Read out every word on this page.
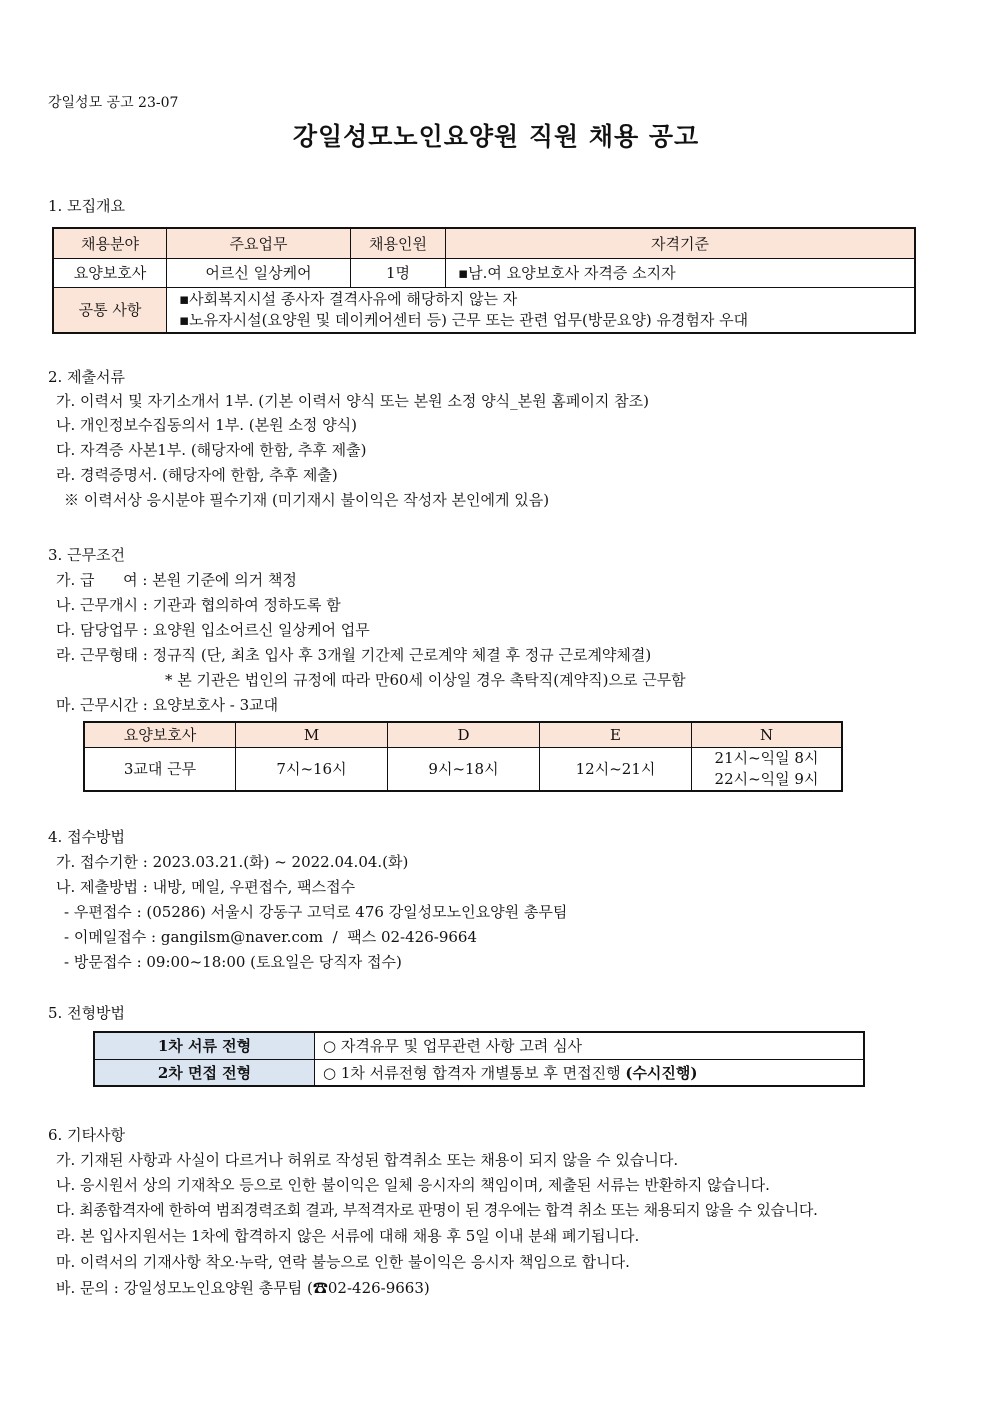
강일성모 공고 23-07
강일성모노인요양원 직원 채용 공고
1. 모집개요
채용분야	주요업무	채용인원	자격기준
요양보호사	어르신 일상케어	1명	▪남.여 요양보호사 자격증 소지자
공통 사항	▪사회복지시설 종사자 결격사유에 해당하지 않는 자
▪노유자시설(요양원 및 데이케어센터 등) 근무 또는 관련 업무(방문요양) 유경험자 우대		
2. 제출서류
가. 이력서 및 자기소개서 1부. (기본 이력서 양식 또는 본원 소정 양식_본원 홈페이지 참조)
나. 개인정보수집동의서 1부. (본원 소정 양식)
다. 자격증 사본1부. (해당자에 한함, 추후 제출)
라. 경력증명서. (해당자에 한함, 추후 제출)
※ 이력서상 응시분야 필수기재 (미기재시 불이익은 작성자 본인에게 있음)
3. 근무조건
가. 급      여 : 본원 기준에 의거 책정
나. 근무개시 : 기관과 협의하여 정하도록 함
다. 담당업무 : 요양원 입소어르신 일상케어 업무
라. 근무형태 : 정규직 (단, 최초 입사 후 3개월 기간제 근로계약 체결 후 정규 근로계약체결)
* 본 기관은 법인의 규정에 따라 만60세 이상일 경우 촉탁직(계약직)으로 근무함
마. 근무시간 : 요양보호사 - 3교대
요양보호사	M	D	E	N
3교대 근무	7시~16시	9시~18시	12시~21시	21시~익일 8시
22시~익일 9시
4. 접수방법
가. 접수기한 : 2023.03.21.(화) ~ 2022.04.04.(화)
나. 제출방법 : 내방, 메일, 우편접수, 팩스접수
- 우편접수 : (05286) 서울시 강동구 고덕로 476 강일성모노인요양원 총무팀
- 이메일접수 : gangilsm@naver.com  /  팩스 02-426-9664
- 방문접수 : 09:00~18:00 (토요일은 당직자 접수)
5. 전형방법
1차 서류 전형	○ 자격유무 및 업무관련 사항 고려 심사
2차 면접 전형	○ 1차 서류전형 합격자 개별통보 후 면접진행 (수시진행)
6. 기타사항
가. 기재된 사항과 사실이 다르거나 허위로 작성된 합격취소 또는 채용이 되지 않을 수 있습니다.
나. 응시원서 상의 기재착오 등으로 인한 불이익은 일체 응시자의 책임이며, 제출된 서류는 반환하지 않습니다.
다. 최종합격자에 한하여 범죄경력조회 결과, 부적격자로 판명이 된 경우에는 합격 취소 또는 채용되지 않을 수 있습니다.
라. 본 입사지원서는 1차에 합격하지 않은 서류에 대해 채용 후 5일 이내 분쇄 폐기됩니다.
마. 이력서의 기재사항 착오·누락, 연락 불능으로 인한 불이익은 응시자 책임으로 합니다.
바. 문의 : 강일성모노인요양원 총무팀 (☎02-426-9663)
